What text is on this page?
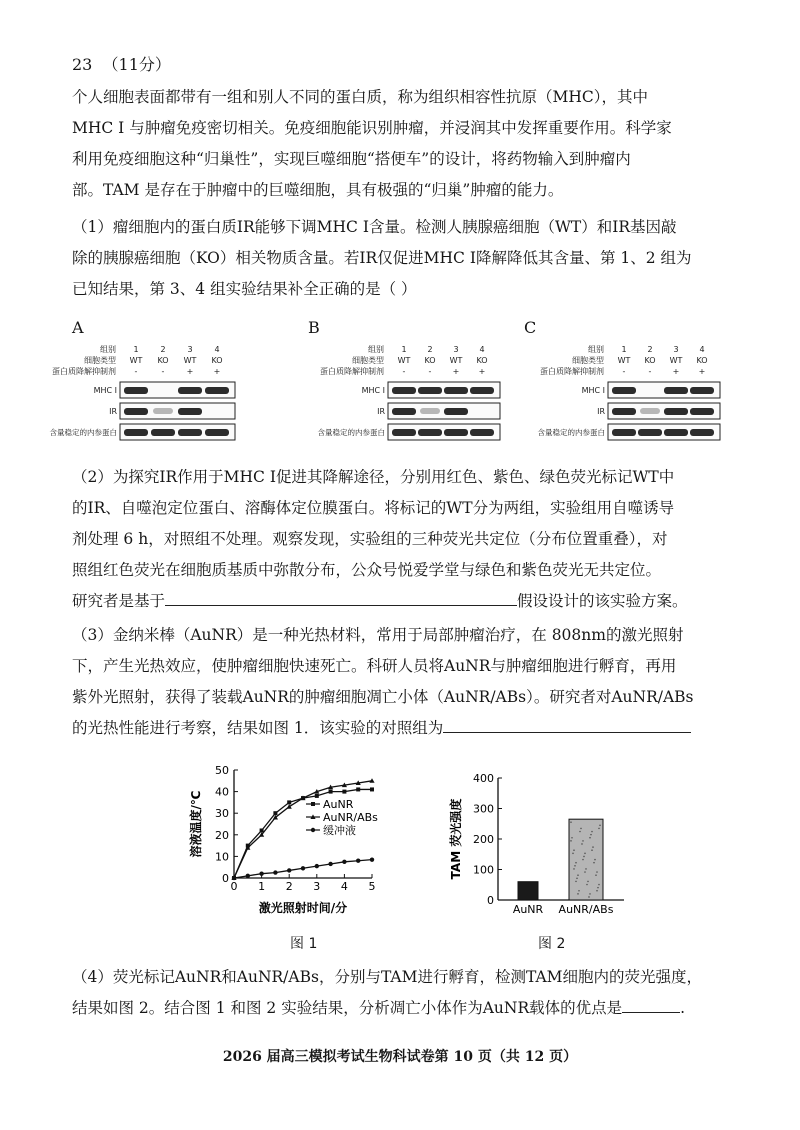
23 （11分）
个人细胞表面都带有一组和别人不同的蛋白质，称为组织相容性抗原（MHC），其中
MHC I 与肿瘤免疫密切相关。免疫细胞能识别肿瘤，并浸润其中发挥重要作用。科学家
利用免疫细胞这种“归巢性”，实现巨噬细胞“搭便车”的设计，将药物输入到肿瘤内
部。TAM 是存在于肿瘤中的巨噬细胞，具有极强的“归巢”肿瘤的能力。
（1）瘤细胞内的蛋白质IR能够下调MHC I含量。检测人胰腺癌细胞（WT）和IR基因敲
除的胰腺癌细胞（KO）相关物质含量。若IR仅促进MHC I降解降低其含量、第 1、2 组为
已知结果，第 3、4 组实验结果补全正确的是（ ）
A	B	C
组别 1	2	3	4
细胞类型 WT KO WT KO
蛋白质降解抑制剂 -	-	+	+
MHC I
IR
含量稳定的内参蛋白
组别 1	2	3	4
细胞类型 WT KO WT KO
蛋白质降解抑制剂 -	-	+ +
MHC I
IR
含量稳定的内参蛋白
组别 1	2	3	4
细胞类型 WT KO WT KO
蛋白质降解抑制剂 -	-	+ +
MHC I
IR
含量稳定的内参蛋白
（2）为探究IR作用于MHC I促进其降解途径，分别用红色、紫色、绿色荧光标记WT中
的IR、自噬泡定位蛋白、溶酶体定位膜蛋白。将标记的WT分为两组，实验组用自噬诱导
剂处理 6 h，对照组不处理。观察发现，实验组的三种荧光共定位（分布位置重叠），对
照组红色荧光在细胞质基质中弥散分布，公众号悦爱学堂与绿色和紫色荧光无共定位。
研究者是基于	假设设计的该实验方案。
（3）金纳米棒（AuNR）是一种光热材料，常用于局部肿瘤治疗，在 808nm的激光照射
下，产生光热效应，使肿瘤细胞快速死亡。科研人员将AuNR与肿瘤细胞进行孵育，再用
紫外光照射，获得了装载AuNR的肿瘤细胞凋亡小体（AuNR/ABs）。研究者对AuNR/ABs
的光热性能进行考察，结果如图 1．该实验的对照组为
0 1 2 3 4 5
0
10
20
30
40
50
激光照射时间/分
溶液温度/℃	AuNR
AuNR/ABs
缓冲液
图 1
0
100
200
300
400
TAM 荧光强度
AuNR AuNR/ABs
图 2
（4）荧光标记AuNR和AuNR/ABs，分别与TAM进行孵育，检测TAM细胞内的荧光强度，
结果如图 2。结合图 1 和图 2 实验结果，分析凋亡小体作为AuNR载体的优点是	.
2026 届高三模拟考试生物科试卷第 10 页（共 12 页）
